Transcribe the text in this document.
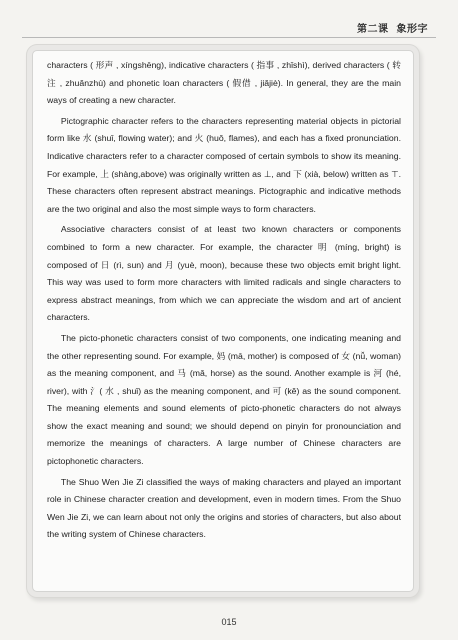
第二课 象形字

characters ( 形声 , xíngshēng), indicative characters ( 指事 , zhǐshì), derived characters ( 转注 , zhuǎnzhù) and phonetic loan characters ( 假借 , jiǎjiè). In general, they are the main ways of creating a new character.

Pictographic character refers to the characters representing material objects in pictorial form like 水 (shuǐ, flowing water); and 火 (huǒ, flames), and each has a fixed pronunciation. Indicative characters refer to a character composed of certain symbols to show its meaning. For example, 上 (shàng,above) was originally written as ⊥, and 下 (xià, below) written as ⊤. These characters often represent abstract meanings. Pictographic and indicative methods are the two original and also the most simple ways to form characters.

Associative characters consist of at least two known characters or components combined to form a new character. For example, the character 明 (míng, bright) is composed of 日 (rì, sun) and 月 (yuè, moon), because these two objects emit bright light. This way was used to form more characters with limited radicals and single characters to express abstract meanings, from which we can appreciate the wisdom and art of ancient characters.

The picto-phonetic characters consist of two components, one indicating meaning and the other representing sound. For example, 妈 (mā, mother) is composed of 女 (nǚ, woman) as the meaning component, and 马 (mǎ, horse) as the sound. Another example is 河 (hé, river), with 氵( 水 , shuǐ) as the meaning component, and 可 (kě) as the sound component. The meaning elements and sound elements of picto-phonetic characters do not always show the exact meaning and sound; we should depend on pinyin for pronounciation and memorize the meanings of characters. A large number of Chinese characters are pictophonetic characters.

The Shuo Wen Jie Zi classified the ways of making characters and played an important role in Chinese character creation and development, even in modern times. From the Shuo Wen Jie Zi, we can learn about not only the origins and stories of characters, but also about the writing system of Chinese characters.

015
